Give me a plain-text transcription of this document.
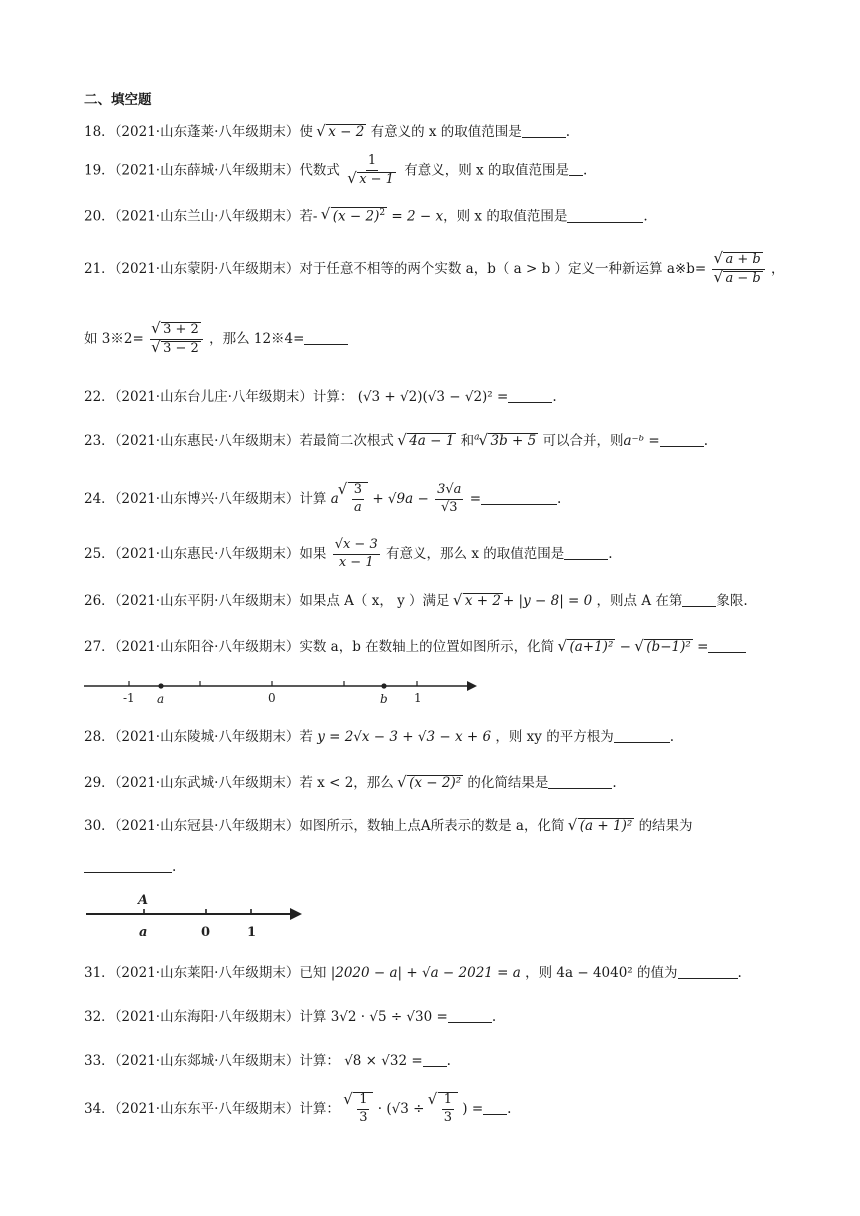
二、填空题
18．（2021·山东蓬莱·八年级期末）使 √ x − 2 有意义的 x 的取值范围是	.
19．（2021·山东薛城·八年级期末）代数式 1
√ x − 1 有意义，则 x 的取值范围是 .
20．（2021·山东兰山·八年级期末）若- √ $(x - 2)^2 = 2 - x$，则 x 的取值范围是	.
21．（2021·山东蒙阴·八年级期末）对于任意不相等的两个实数 a，b（ a > b ）定义一种新运算 a※b= √ a + b
√ a − b ，
如 3※2= √ 3 + 2
√ 3 − 2 ，那么 12※4=
22．（2021·山东台儿庄·八年级期末）计算： (√3 + √2)(√3 − √2)² =	.
23．（2021·山东惠民·八年级期末）若最简二次根式 √ 4a − 1 和$^a$ √ 3b + 5 可以合并，则a⁻ᵇ =	.
24．（2021·山东博兴·八年级期末）计算 a √ $\frac{3}{a} + √9a - \frac{3√a}{√3}$ =	.
25．（2021·山东惠民·八年级期末）如果 $\frac{√x - 3}{x - 1}$ 有意义，那么 x 的取值范围是	.
26．（2021·山东平阴·八年级期末）如果点 A（ x， y ）满足 √ x + 2 + |y − 8| = 0 ，则点 A 在第	象限.
27．（2021·山东阳谷·八年级期末）实数 a，b 在数轴上的位置如图所示，化简 √ (a+1)² − √ (b−1)² =
-1 a	0	b 1
28．（2021·山东陵城·八年级期末）若 y = 2√x − 3 + √3 − x + 6 ，则 xy 的平方根为	.
29．（2021·山东武城·八年级期末）若 x < 2，那么 √ (x − 2)² 的化简结果是	.
30．（2021·山东冠县·八年级期末）如图所示，数轴上点A所表示的数是 a，化简 √ (a + 1)² 的结果为
.
A
a	0	1
31．（2021·山东莱阳·八年级期末）已知 |2020 − a| + √a − 2021 = a ，则 4a − 4040² 的值为	.
32．（2021·山东海阳·八年级期末）计算 3√2 · √5 ÷ √30 =	.
33．（2021·山东郯城·八年级期末）计算： √8 × √32 = .
34．（2021·山东东平·八年级期末）计算： √ $\frac{1}{3} \cdot (√3$ ÷ √ $\frac{1}{3}$ ) = .
